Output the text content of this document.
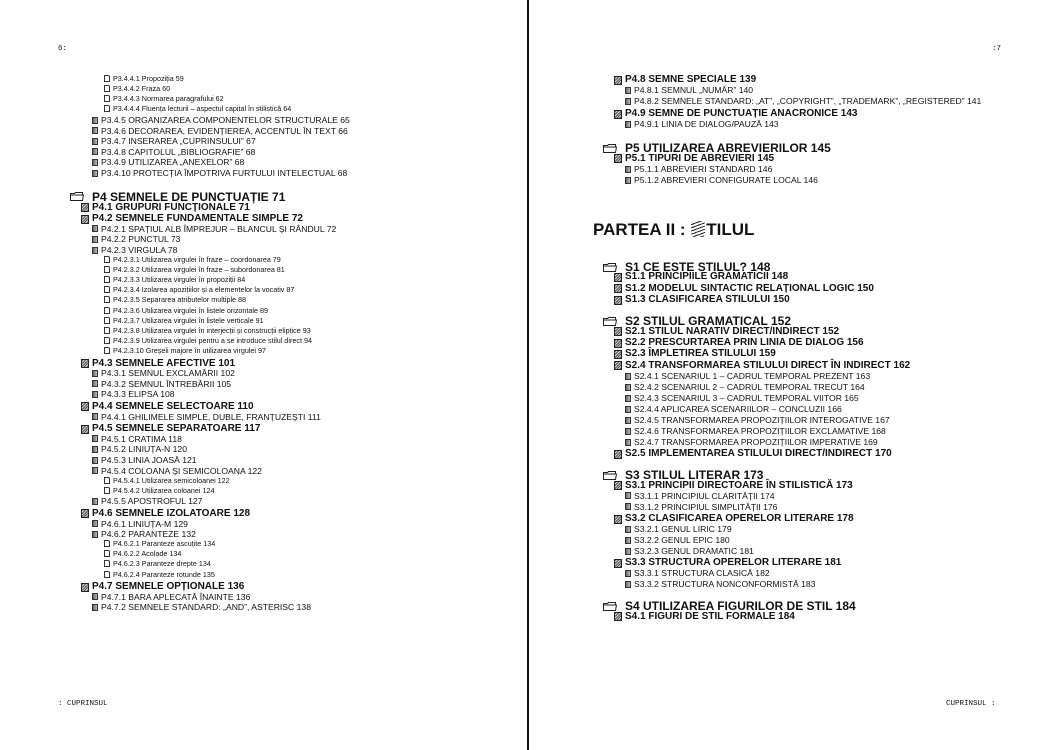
6:
P3.4.4.1 Propoziția 59
P3.4.4.2 Fraza 60
P3.4.4.3 Normarea paragrafului 62
P3.4.4.4 Fluența lecturii – aspectul capital în stilistică 64
P3.4.5 ORGANIZAREA COMPONENTELOR STRUCTURALE 65
P3.4.6 DECORAREA, EVIDENȚIEREA, ACCENTUL ÎN TEXT 66
P3.4.7 INSERAREA „CUPRINSULUI” 67
P3.4.8 CAPITOLUL „BIBLIOGRAFIE” 68
P3.4.9 UTILIZAREA „ANEXELOR” 68
P3.4.10 PROTECȚIA ÎMPOTRIVA FURTULUI INTELECTUAL 68
P4 SEMNELE DE PUNCTUAȚIE 71
P4.1 GRUPURI FUNCȚIONALE 71
P4.2 SEMNELE FUNDAMENTALE SIMPLE 72
P4.2.1 SPAȚIUL ALB ÎMPREJUR – BLANCUL ȘI RÂNDUL 72
P4.2.2 PUNCTUL 73
P4.2.3 VIRGULA 78
P4.2.3.1 Utilizarea virgulei în fraze – coordonarea 79
P4.2.3.2 Utilizarea virgulei în fraze – subordonarea 81
P4.2.3.3 Utilizarea virgulei în propoziții 84
P4.2.3.4 Izolarea apozițiilor și a elementelor la vocativ 87
P4.2.3.5 Separarea atributelor multiple 88
P4.2.3.6 Utilizarea virgulei în listele orizontale 89
P4.2.3.7 Utilizarea virgulei în listele verticale 91
P4.2.3.8 Utilizarea virgulei în interjecții și construcții eliptice 93
P4.2.3.9 Utilizarea virgulei pentru a se introduce stilul direct 94
P4.2.3.10 Greșeli majore în utilizarea virgulei 97
P4.3 SEMNELE AFECTIVE 101
P4.3.1 SEMNUL EXCLAMĂRII 102
P4.3.2 SEMNUL ÎNTREBĂRII 105
P4.3.3 ELIPSA 108
P4.4 SEMNELE SELECTOARE 110
P4.4.1 GHILIMELE SIMPLE, DUBLE, FRANȚUZEȘTI 111
P4.5 SEMNELE SEPARATOARE 117
P4.5.1 CRATIMA 118
P4.5.2 LINIUȚA-N 120
P4.5.3 LINIA JOASĂ 121
P4.5.4 COLOANA ȘI SEMICOLOANA 122
P4.5.4.1 Utilizarea semicoloanei 122
P4.5.4.2 Utilizarea coloanei 124
P4.5.5 APOSTROFUL 127
P4.6 SEMNELE IZOLATOARE 128
P4.6.1 LINIUȚA-M 129
P4.6.2 PARANTEZE 132
P4.6.2.1 Paranteze ascuțite 134
P4.6.2.2 Acolade 134
P4.6.2.3 Paranteze drepte 134
P4.6.2.4 Paranteze rotunde 135
P4.7 SEMNELE OPȚIONALE 136
P4.7.1 BARA APLECATĂ ÎNAINTE 136
P4.7.2 SEMNELE STANDARD: „AND”, ASTERISC 138
: CUPRINSUL
:7
P4.8 SEMNE SPECIALE 139
P4.8.1 SEMNUL „NUMĂR” 140
P4.8.2 SEMNELE STANDARD: „AT”, „COPYRIGHT”, „TRADEMARK”, „REGISTERED” 141
P4.9 SEMNE DE PUNCTUAȚIE ANACRONICE 143
P4.9.1 LINIA DE DIALOG/PAUZĂ 143
P5 UTILIZAREA ABREVIERILOR 145
P5.1 TIPURI DE ABREVIERI 145
P5.1.1 ABREVIERI STANDARD 146
P5.1.2 ABREVIERI CONFIGURATE LOCAL 146
PARTEA II : TILUL
S1 CE ESTE STILUL? 148
S1.1 PRINCIPIILE GRAMATICII 148
S1.2 MODELUL SINTACTIC RELAȚIONAL LOGIC 150
S1.3 CLASIFICAREA STILULUI 150
S2 STILUL GRAMATICAL 152
S2.1 STILUL NARATIV DIRECT/INDIRECT 152
S2.2 PRESCURTAREA PRIN LINIA DE DIALOG 156
S2.3 ÎMPLETIREA STILULUI 159
S2.4 TRANSFORMAREA STILULUI DIRECT ÎN INDIRECT 162
S2.4.1 SCENARIUL 1 – CADRUL TEMPORAL PREZENT 163
S2.4.2 SCENARIUL 2 – CADRUL TEMPORAL TRECUT 164
S2.4.3 SCENARIUL 3 – CADRUL TEMPORAL VIITOR 165
S2.4.4 APLICAREA SCENARIILOR – CONCLUZII 166
S2.4.5 TRANSFORMAREA PROPOZIȚIILOR INTEROGATIVE 167
S2.4.6 TRANSFORMAREA PROPOZIȚIILOR EXCLAMATIVE 168
S2.4.7 TRANSFORMAREA PROPOZIȚIILOR IMPERATIVE 169
S2.5 IMPLEMENTAREA STILULUI DIRECT/INDIRECT 170
S3 STILUL LITERAR 173
S3.1 PRINCIPII DIRECTOARE ÎN STILISTICĂ 173
S3.1.1 PRINCIPIUL CLARITĂȚII 174
S3.1.2 PRINCIPIUL SIMPLITĂȚII 176
S3.2 CLASIFICAREA OPERELOR LITERARE 178
S3.2.1 GENUL LIRIC 179
S3.2.2 GENUL EPIC 180
S3.2.3 GENUL DRAMATIC 181
S3.3 STRUCTURA OPERELOR LITERARE 181
S3.3.1 STRUCTURA CLASICĂ 182
S3.3.2 STRUCTURA NONCONFORMISTĂ 183
S4 UTILIZAREA FIGURILOR DE STIL 184
S4.1 FIGURI DE STIL FORMALE 184
CUPRINSUL :
